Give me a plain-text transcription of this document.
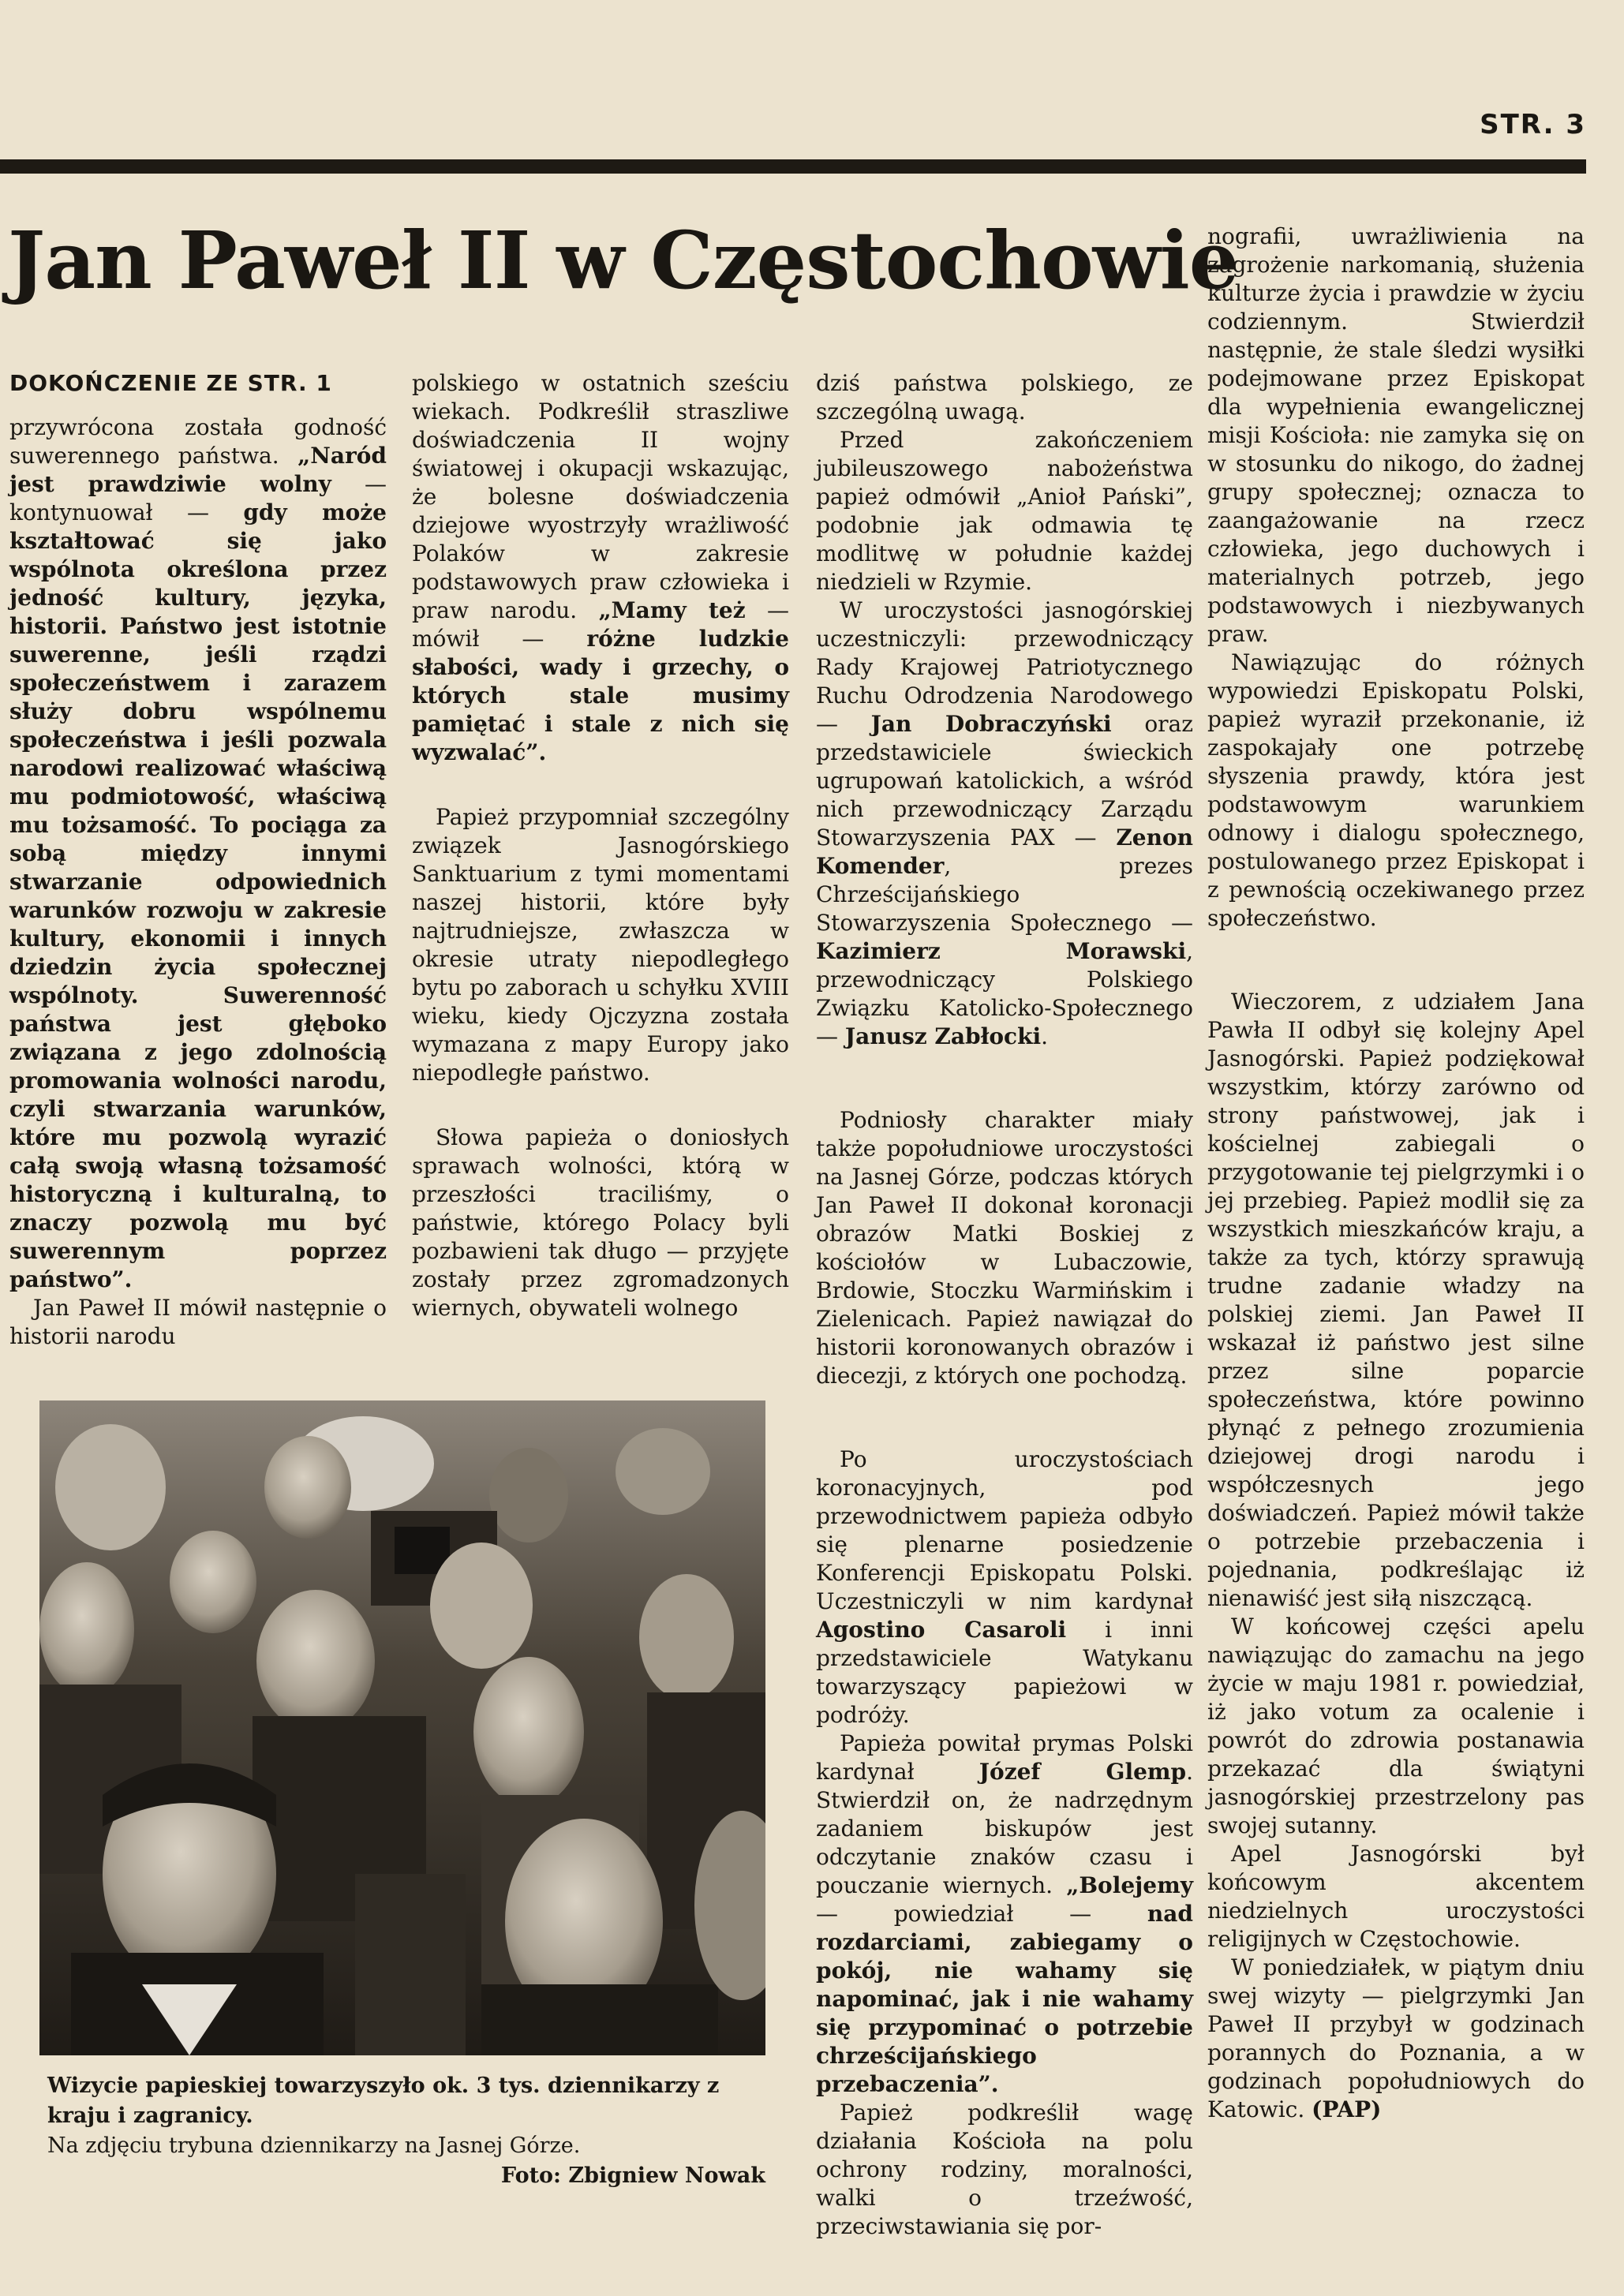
STR. 3
Jan Paweł II w Częstochowie
DOKOŃCZENIE ZE STR. 1

przywrócona została godność suwerennego państwa. „Naród jest prawdziwie wolny — kontynuował — gdy może kształtować się jako wspólnota określona przez jedność kultury, języka, historii. Państwo jest istotnie suwerenne, jeśli rządzi społeczeństwem i zarazem służy dobru wspólnemu społeczeństwa i jeśli pozwala narodowi realizować właściwą mu podmiotowość, właściwą mu tożsamość. To pociąga za sobą między innymi stwarzanie odpowiednich warunków rozwoju w zakresie kultury, ekonomii i innych dziedzin życia społecznej wspólnoty. Suwerenność państwa jest głęboko związana z jego zdolnością promowania wolności narodu, czyli stwarzania warunków, które mu pozwolą wyrazić całą swoją własną tożsamość historyczną i kulturalną, to znaczy pozwolą mu być suwerennym poprzez państwo”.

Jan Paweł II mówił następnie o historii narodu

polskiego w ostatnich sześciu wiekach. Podkreślił straszliwe doświadczenia II wojny światowej i okupacji wskazując, że bolesne doświadczenia dziejowe wyostrzyły wrażliwość Polaków w zakresie podstawowych praw człowieka i praw narodu. „Mamy też — mówił — różne ludzkie słabości, wady i grzechy, o których stale musimy pamiętać i stale z nich się wyzwalać”.

Papież przypomniał szczególny związek Jasnogórskiego Sanktuarium z tymi momentami naszej historii, które były najtrudniejsze, zwłaszcza w okresie utraty niepodległego bytu po zaborach u schyłku XVIII wieku, kiedy Ojczyzna została wymazana z mapy Europy jako niepodległe państwo.

Słowa papieża o doniosłych sprawach wolności, którą w przeszłości traciliśmy, o państwie, którego Polacy byli pozbawieni tak długo — przyjęte zostały przez zgromadzonych wiernych, obywateli wolnego

dziś państwa polskiego, ze szczególną uwagą.

Przed zakończeniem jubileuszowego nabożeństwa papież odmówił „Anioł Pański”, podobnie jak odmawia tę modlitwę w południe każdej niedzieli w Rzymie.

W uroczystości jasnogórskiej uczestniczyli: przewodniczący Rady Krajowej Patriotycznego Ruchu Odrodzenia Narodowego — Jan Dobraczyński oraz przedstawiciele świeckich ugrupowań katolickich, a wśród nich przewodniczący Zarządu Stowarzyszenia PAX — Zenon Komender, prezes Chrześcijańskiego Stowarzyszenia Społecznego — Kazimierz Morawski, przewodniczący Polskiego Związku Katolicko-Społecznego — Janusz Zabłocki.

Podniosły charakter miały także popołudniowe uroczystości na Jasnej Górze, podczas których Jan Paweł II dokonał koronacji obrazów Matki Boskiej z kościołów w Lubaczowie, Brdowie, Stoczku Warmińskim i Zielenicach. Papież nawiązał do historii koronowanych obrazów i diecezji, z których one pochodzą.

Po uroczystościach koronacyjnych, pod przewodnictwem papieża odbyło się plenarne posiedzenie Konferencji Episkopatu Polski. Uczestniczyli w nim kardynał Agostino Casaroli i inni przedstawiciele Watykanu towarzyszący papieżowi w podróży.

Papieża powitał prymas Polski kardynał Józef Glemp. Stwierdził on, że nadrzędnym zadaniem biskupów jest odczytanie znaków czasu i pouczanie wiernych. „Bolejemy — powiedział — nad rozdarciami, zabiegamy o pokój, nie wahamy się napominać, jak i nie wahamy się przypominać o potrzebie chrześcijańskiego przebaczenia”.

Papież podkreślił wagę działania Kościoła na polu ochrony rodziny, moralności, walki o trzeźwość, przeciwstawiania się por-

nografii, uwrażliwienia na zagrożenie narkomanią, służenia kulturze życia i prawdzie w życiu codziennym. Stwierdził następnie, że stale śledzi wysiłki podejmowane przez Episkopat dla wypełnienia ewangelicznej misji Kościoła: nie zamyka się on w stosunku do nikogo, do żadnej grupy społecznej; oznacza to zaangażowanie na rzecz człowieka, jego duchowych i materialnych potrzeb, jego podstawowych i niezbywanych praw.

Nawiązując do różnych wypowiedzi Episkopatu Polski, papież wyraził przekonanie, iż zaspokajały one potrzebę słyszenia prawdy, która jest podstawowym warunkiem odnowy i dialogu społecznego, postulowanego przez Episkopat i z pewnością oczekiwanego przez społeczeństwo.

Wieczorem, z udziałem Jana Pawła II odbył się kolejny Apel Jasnogórski. Papież podziękował wszystkim, którzy zarówno od strony państwowej, jak i kościelnej zabiegali o przygotowanie tej pielgrzymki i o jej przebieg. Papież modlił się za wszystkich mieszkańców kraju, a także za tych, którzy sprawują trudne zadanie władzy na polskiej ziemi. Jan Paweł II wskazał iż państwo jest silne przez silne poparcie społeczeństwa, które powinno płynąć z pełnego zrozumienia dziejowej drogi narodu i współczesnych jego doświadczeń. Papież mówił także o potrzebie przebaczenia i pojednania, podkreślając iż nienawiść jest siłą niszczącą.

W końcowej części apelu nawiązując do zamachu na jego życie w maju 1981 r. powiedział, iż jako votum za ocalenie i powrót do zdrowia postanawia przekazać dla świątyni jasnogórskiej przestrzelony pas swojej sutanny.

Apel Jasnogórski był końcowym akcentem niedzielnych uroczystości religijnych w Częstochowie.

W poniedziałek, w piątym dniu swej wizyty — pielgrzymki Jan Paweł II przybył w godzinach porannych do Poznania, a w godzinach popołudniowych do Katowic. (PAP)

Wizycie papieskiej towarzyszyło ok. 3 tys. dziennikarzy z kraju i zagranicy.
Na zdjęciu trybuna dziennikarzy na Jasnej Górze.
Foto: Zbigniew Nowak
